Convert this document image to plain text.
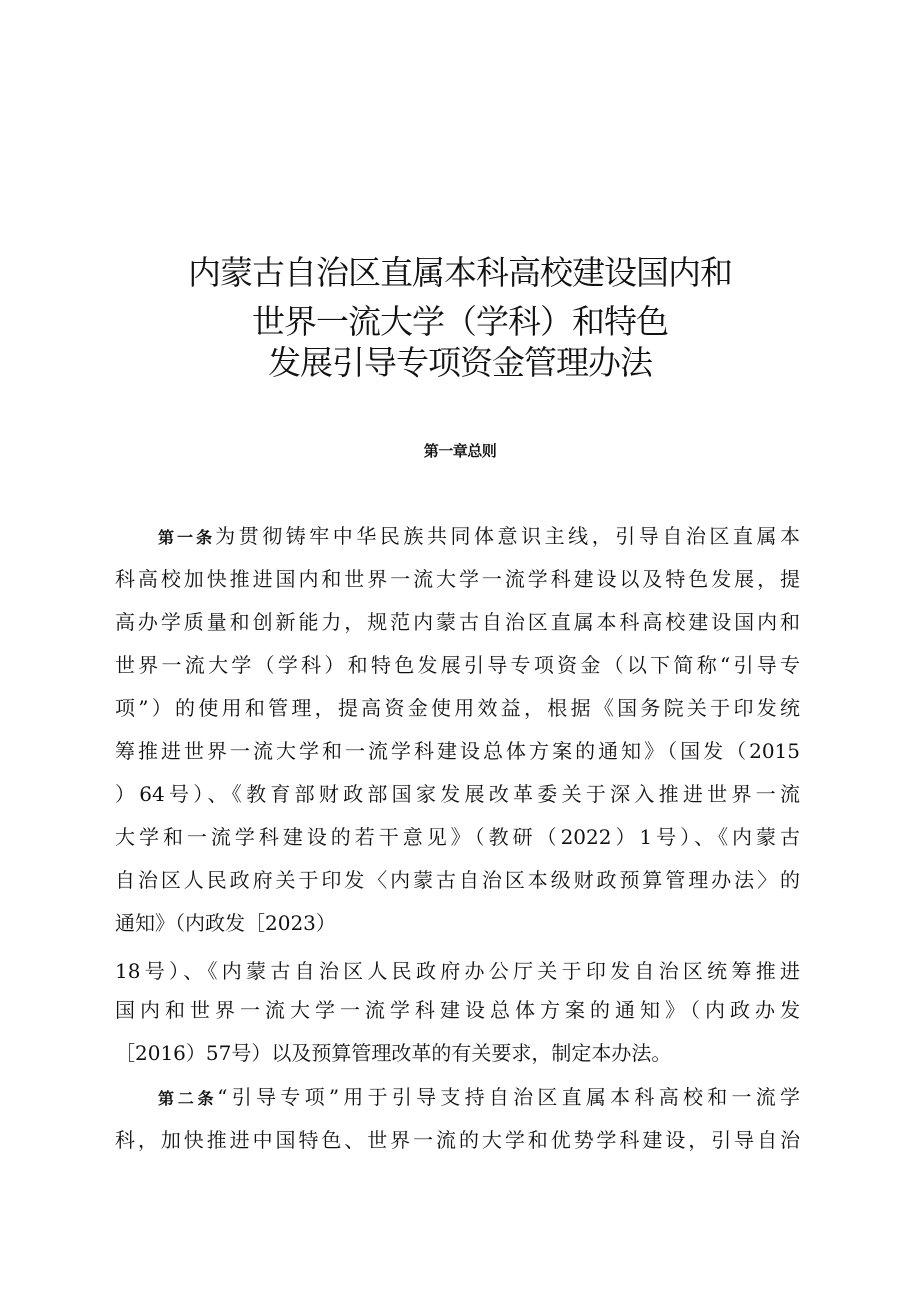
内蒙古自治区直属本科高校建设国内和
世界一流大学（学科）和特色
发展引导专项资金管理办法
第一章总则
第一条为贯彻铸牢中华民族共同体意识主线，引导自治区直属本
科高校加快推进国内和世界一流大学一流学科建设以及特色发展，提
高办学质量和创新能力，规范内蒙古自治区直属本科高校建设国内和
世界一流大学（学科）和特色发展引导专项资金（以下简称“引导专
项”）的使用和管理，提高资金使用效益，根据《国务院关于印发统
筹推进世界一流大学和一流学科建设总体方案的通知》（国发（2015
）64号）、《教育部财政部国家发展改革委关于深入推进世界一流
大学和一流学科建设的若干意见》（教研（2022）1号）、《内蒙古
自治区人民政府关于印发〈内蒙古自治区本级财政预算管理办法〉的
通知》（内政发［2023）
18号）、《内蒙古自治区人民政府办公厅关于印发自治区统筹推进
国内和世界一流大学一流学科建设总体方案的通知》（内政办发
［2016）57号）以及预算管理改革的有关要求，制定本办法。
第二条“引导专项”用于引导支持自治区直属本科高校和一流学
科，加快推进中国特色、世界一流的大学和优势学科建设，引导自治
